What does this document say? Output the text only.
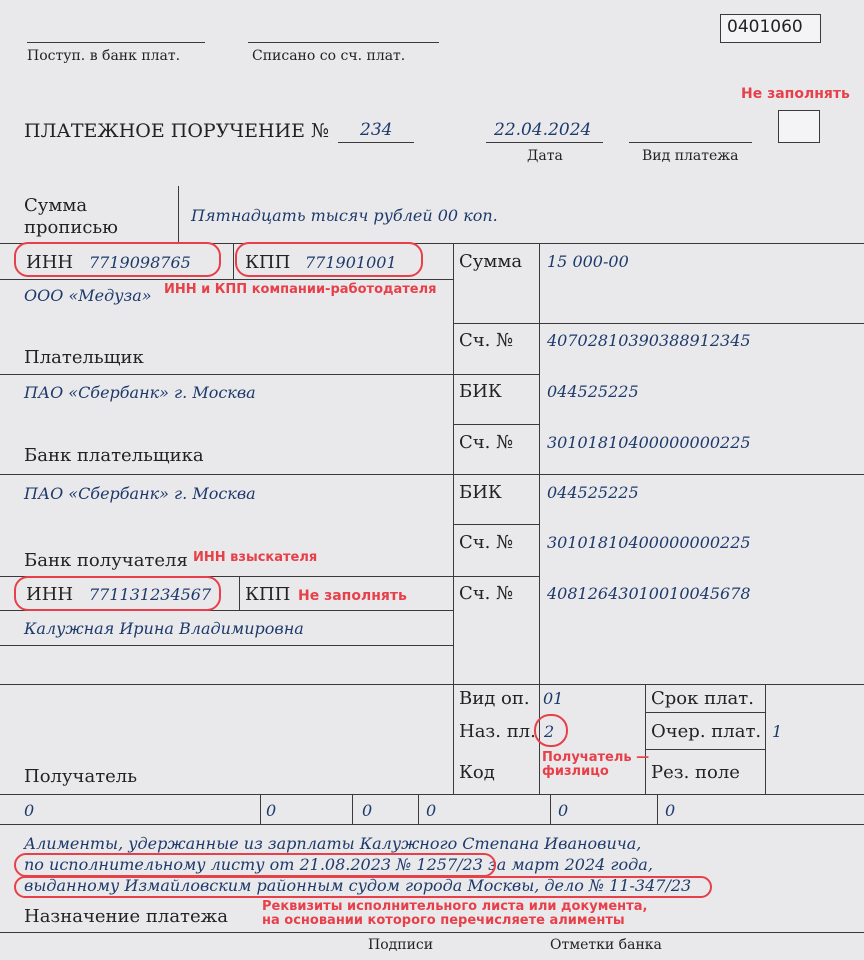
0401060
Поступ. в банк плат.	Списано со сч. плат.
Не заполнять
ПЛАТЕЖНОЕ ПОРУЧЕНИЕ № 234	22.04.2024
Дата	Вид платежа
Сумма прописью
Пятнадцать тысяч рублей 00 коп.
ИНН 7719098765	КПП 771901001
ООО «Медуза» ИНН и КПП компании-работодателя
Сумма 15 000-00
Сч. № 40702810390388912345
Плательщик
ПАО «Сбербанк» г. Москва	БИК	044525225
Сч. № 30101810400000000225
Банк плательщика
ПАО «Сбербанк» г. Москва	БИК	044525225
Сч. № 30101810400000000225
Банк получателя ИНН взыскателя
ИНН 771131234567 КПП Не заполнять	Сч. № 40812643010010045678
Калужная Ирина Владимировна
Вид оп. 01	Срок плат.
Наз. пл. 2	Очер. плат. 1
Код	Рез. поле
Получатель —
физлицо
Получатель
0	0	0	0	0	0
Алименты, удержанные из зарплаты Калужного Степана Ивановича,
по исполнительному листу от 21.08.2023 № 1257/23 за март 2024 года,
выданному Измайловским районным судом города Москвы, дело № 11-347/23
Назначение платежа	Реквизиты исполнительного листа или документа,
на основании которого перечисляете алименты
Подписи	Отметки банка
